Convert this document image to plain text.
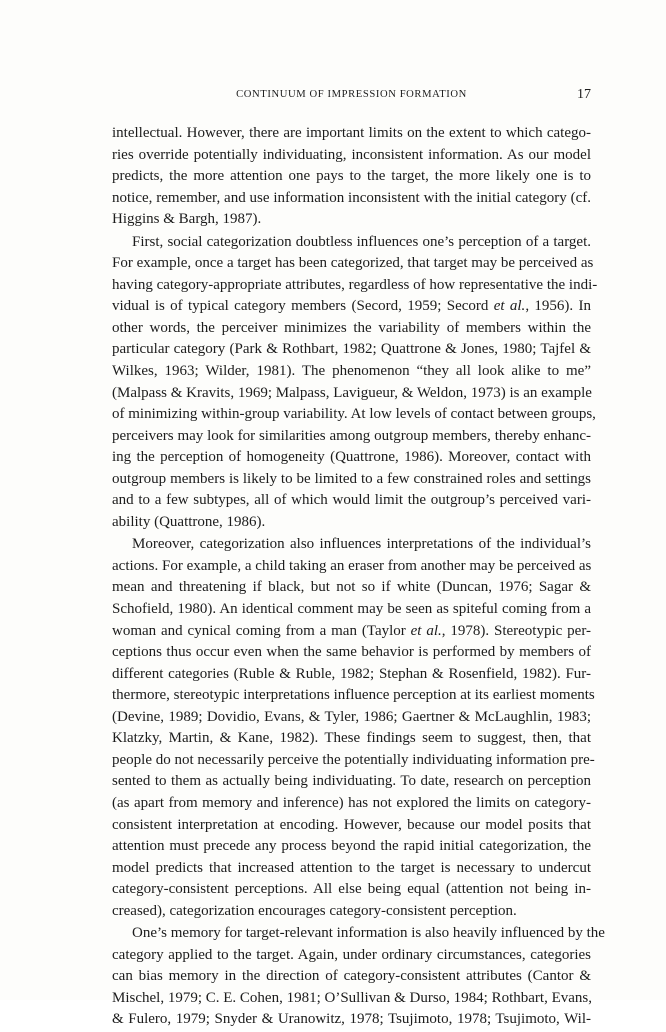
CONTINUUM OF IMPRESSION FORMATION	17
intellectual. However, there are important limits on the extent to which catego-
ries override potentially individuating, inconsistent information. As our model
predicts, the more attention one pays to the target, the more likely one is to
notice, remember, and use information inconsistent with the initial category (cf.
Higgins & Bargh, 1987).
First, social categorization doubtless influences one’s perception of a target.
For example, once a target has been categorized, that target may be perceived as
having category-appropriate attributes, regardless of how representative the indi-
vidual is of typical category members (Secord, 1959; Secord et al., 1956). In
other words, the perceiver minimizes the variability of members within the
particular category (Park & Rothbart, 1982; Quattrone & Jones, 1980; Tajfel &
Wilkes, 1963; Wilder, 1981). The phenomenon “they all look alike to me”
(Malpass & Kravits, 1969; Malpass, Lavigueur, & Weldon, 1973) is an example
of minimizing within-group variability. At low levels of contact between groups,
perceivers may look for similarities among outgroup members, thereby enhanc-
ing the perception of homogeneity (Quattrone, 1986). Moreover, contact with
outgroup members is likely to be limited to a few constrained roles and settings
and to a few subtypes, all of which would limit the outgroup’s perceived vari-
ability (Quattrone, 1986).
Moreover, categorization also influences interpretations of the individual’s
actions. For example, a child taking an eraser from another may be perceived as
mean and threatening if black, but not so if white (Duncan, 1976; Sagar &
Schofield, 1980). An identical comment may be seen as spiteful coming from a
woman and cynical coming from a man (Taylor et al., 1978). Stereotypic per-
ceptions thus occur even when the same behavior is performed by members of
different categories (Ruble & Ruble, 1982; Stephan & Rosenfield, 1982). Fur-
thermore, stereotypic interpretations influence perception at its earliest moments
(Devine, 1989; Dovidio, Evans, & Tyler, 1986; Gaertner & McLaughlin, 1983;
Klatzky, Martin, & Kane, 1982). These findings seem to suggest, then, that
people do not necessarily perceive the potentially individuating information pre-
sented to them as actually being individuating. To date, research on perception
(as apart from memory and inference) has not explored the limits on category-
consistent interpretation at encoding. However, because our model posits that
attention must precede any process beyond the rapid initial categorization, the
model predicts that increased attention to the target is necessary to undercut
category-consistent perceptions. All else being equal (attention not being in-
creased), categorization encourages category-consistent perception.
One’s memory for target-relevant information is also heavily influenced by the
category applied to the target. Again, under ordinary circumstances, categories
can bias memory in the direction of category-consistent attributes (Cantor &
Mischel, 1979; C. E. Cohen, 1981; O’Sullivan & Durso, 1984; Rothbart, Evans,
& Fulero, 1979; Snyder & Uranowitz, 1978; Tsujimoto, 1978; Tsujimoto, Wil-
